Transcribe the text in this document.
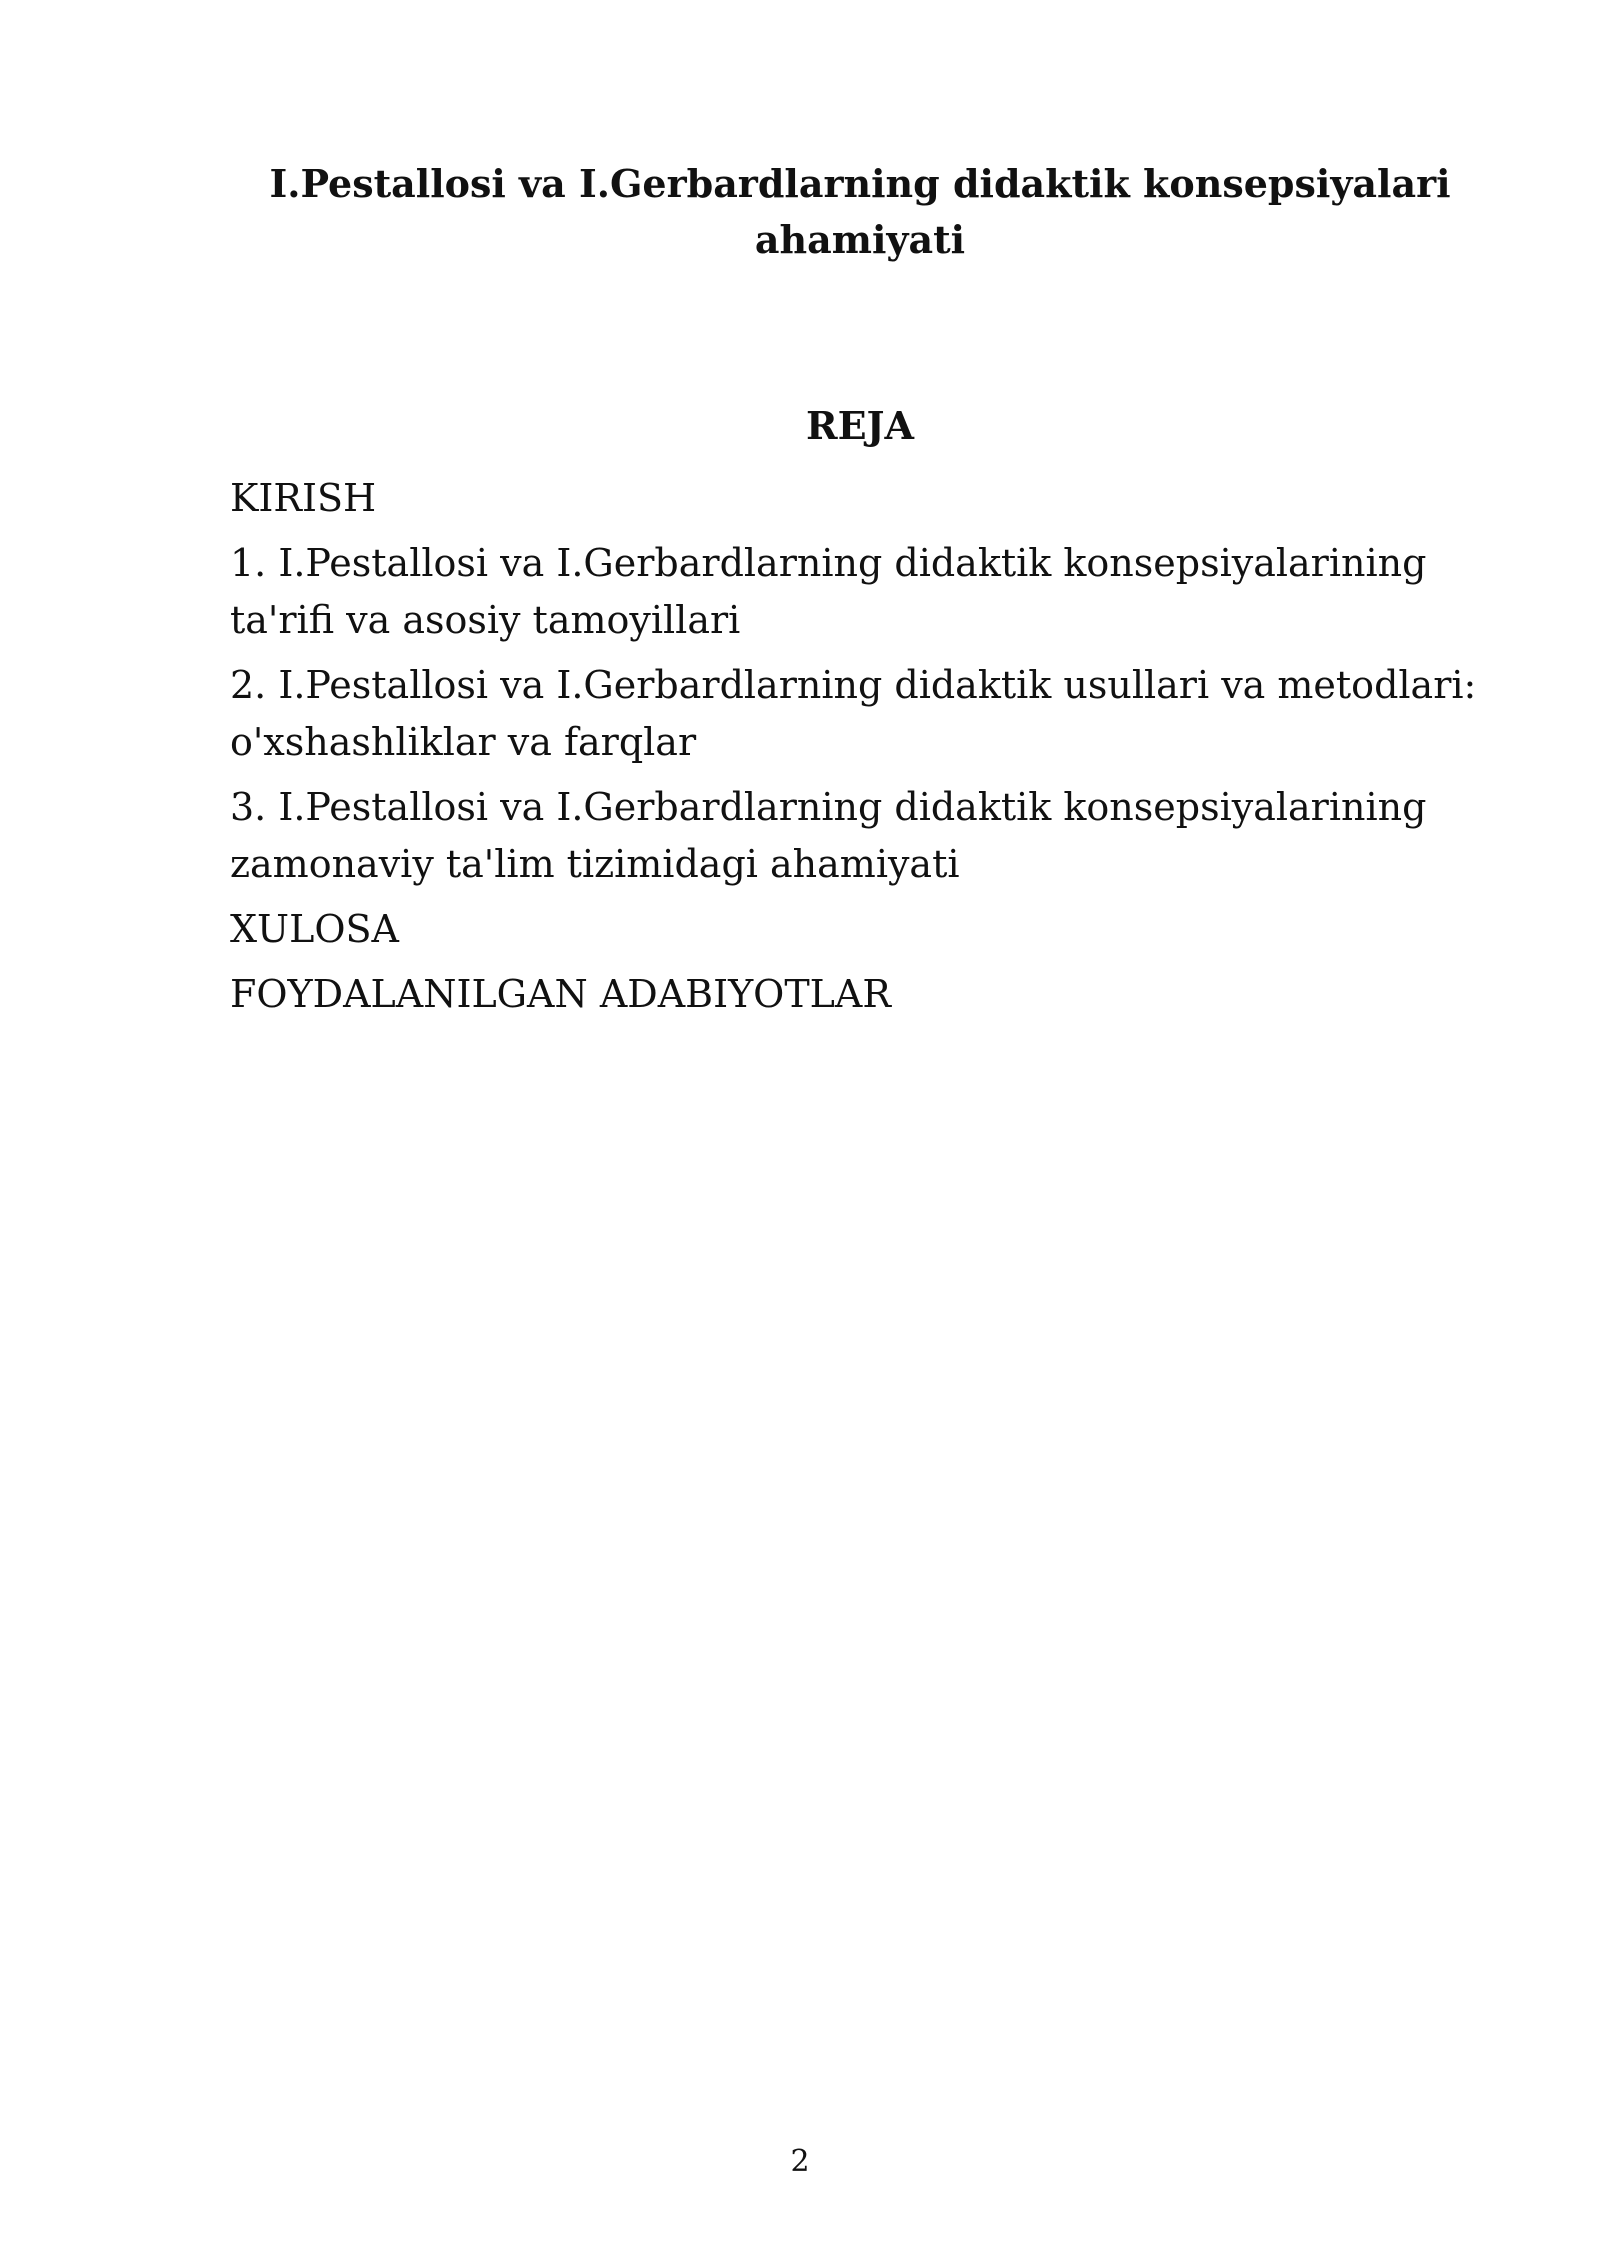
I.Pestallosi va I.Gerbardlarning didaktik konsepsiyalari ahamiyati
REJA
KIRISH
1. I.Pestallosi va I.Gerbardlarning didaktik konsepsiyalarining ta'rifi va asosiy tamoyillari
2. I.Pestallosi va I.Gerbardlarning didaktik usullari va metodlari: o'xshashliklar va farqlar
3. I.Pestallosi va I.Gerbardlarning didaktik konsepsiyalarining zamonaviy ta'lim tizimidagi ahamiyati
XULOSA
FOYDALANILGAN ADABIYOTLAR
2
